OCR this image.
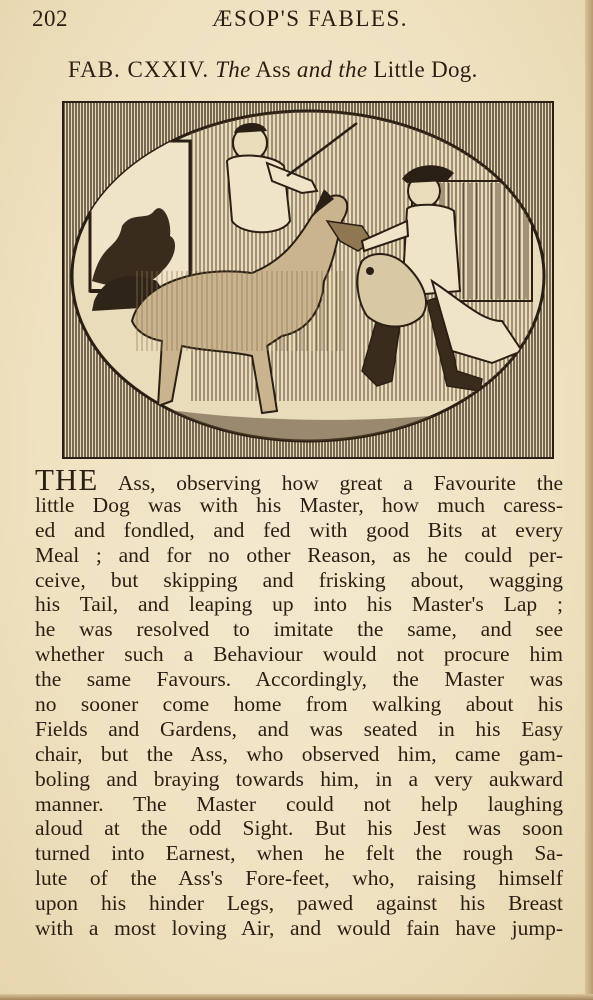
202	ÆSOP'S FABLES.
FAB. CXXIV. The Ass and the Little Dog.
THE Ass, observing how great a Favourite the
little Dog was with his Master, how much caress-
ed and fondled, and fed with good Bits at every
Meal ; and for no other Reason, as he could per-
ceive, but skipping and frisking about, wagging
his Tail, and leaping up into his Master's Lap ;
he was resolved to imitate the same, and see
whether such a Behaviour would not procure him
the same Favours. Accordingly, the Master was
no sooner come home from walking about his
Fields and Gardens, and was seated in his Easy
chair, but the Ass, who observed him, came gam-
boling and braying towards him, in a very aukward
manner. The Master could not help laughing
aloud at the odd Sight. But his Jest was soon
turned into Earnest, when he felt the rough Sa-
lute of the Ass's Fore-feet, who, raising himself
upon his hinder Legs, pawed against his Breast
with a most loving Air, and would fain have jump-
